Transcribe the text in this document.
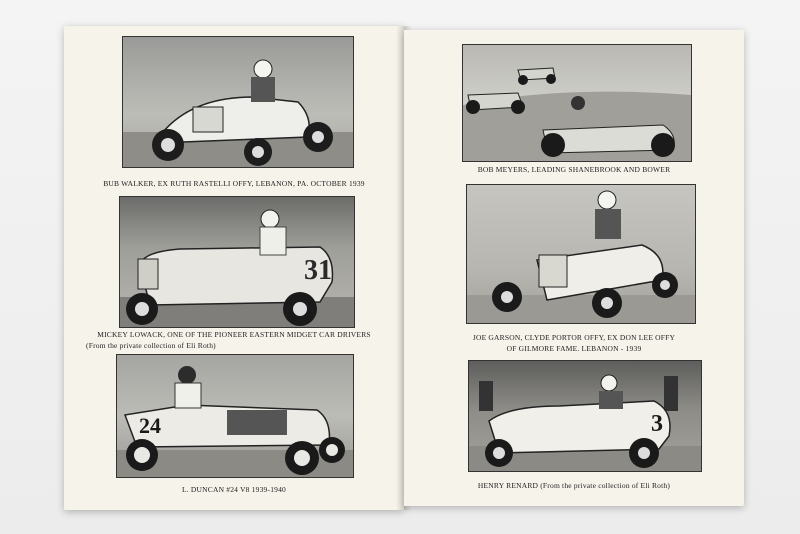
BUB WALKER, EX RUTH RASTELLI OFFY, LEBANON, PA. OCTOBER 1939
31
MICKEY LOWACK, ONE OF THE PIONEER EASTERN MIDGET CAR DRIVERS
(From the private collection of Eli Roth)
24
L. DUNCAN #24 V8 1939-1940
BOB MEYERS, LEADING SHANEBROOK AND BOWER
JOE GARSON, CLYDE PORTOR OFFY, EX DON LEE OFFY
OF GILMORE FAME. LEBANON - 1939
3
HENRY RENARD (From the private collection of Eli Roth)
